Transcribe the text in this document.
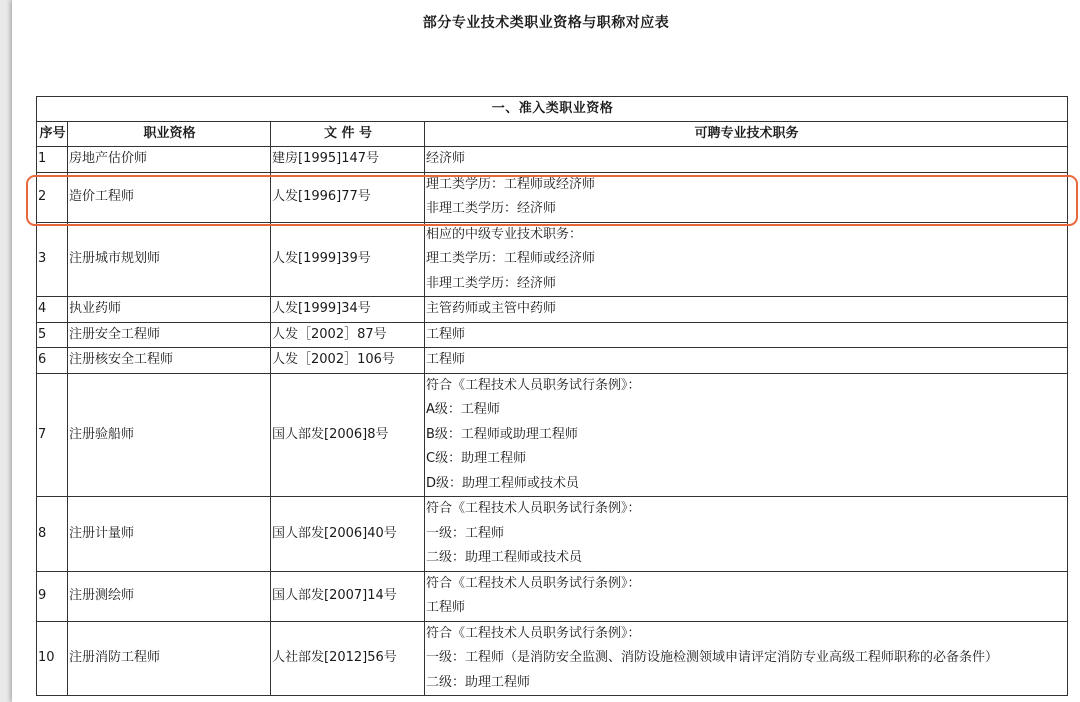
部分专业技术类职业资格与职称对应表
一、准入类职业资格			
序号	职业资格	文 件 号	可聘专业技术职务
1	房地产估价师	建房[1995]147号	经济师

2	造价工程师	人发[1996]77号	理工类学历：工程师或经济师
非理工类学历：经济师

3	注册城市规划师	人发[1999]39号	相应的中级专业技术职务：
理工类学历：工程师或经济师
非理工类学历：经济师

4	执业药师	人发[1999]34号	主管药师或主管中药师

5	注册安全工程师	人发［2002］87号	工程师

6	注册核安全工程师	人发［2002］106号	工程师

7	注册验船师	国人部发[2006]8号	符合《工程技术人员职务试行条例》：
A级：工程师
B级：工程师或助理工程师
C级：助理工程师
D级：助理工程师或技术员

8	注册计量师	国人部发[2006]40号	符合《工程技术人员职务试行条例》：
一级：工程师
二级：助理工程师或技术员

9	注册测绘师	国人部发[2007]14号	符合《工程技术人员职务试行条例》：
工程师

10	注册消防工程师	人社部发[2012]56号	符合《工程技术人员职务试行条例》：
一级：工程师（是消防安全监测、消防设施检测领域申请评定消防专业高级工程师职称的必备条件）
二级：助理工程师
